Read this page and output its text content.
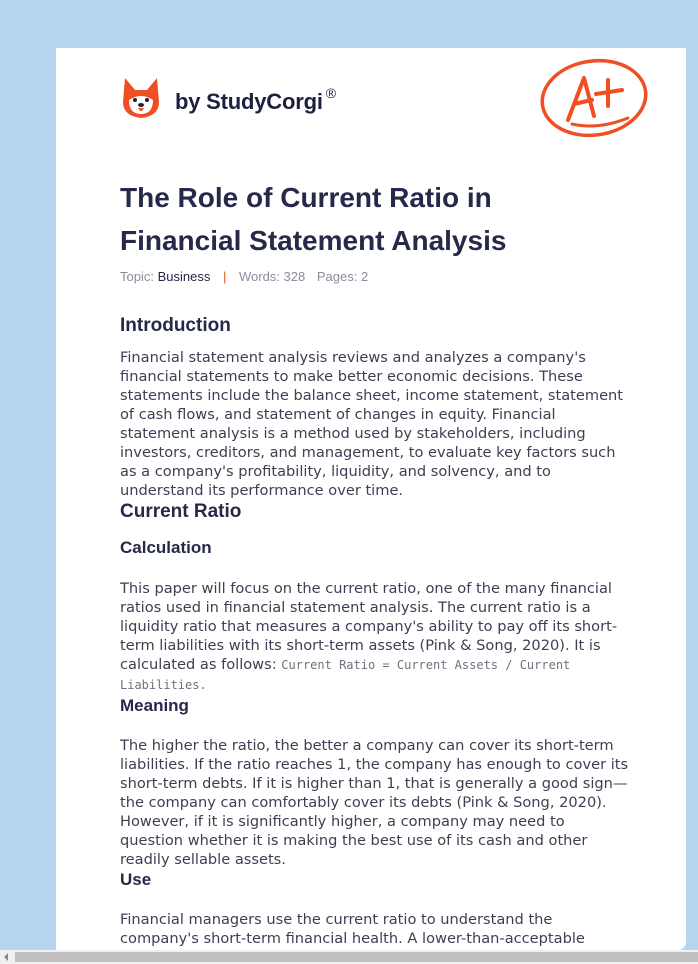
by StudyCorgi ®
The Role of Current Ratio in Financial Statement Analysis
Topic: Business | Words: 328 Pages: 2
Introduction

Financial statement analysis reviews and analyzes a company's financial statements to make better economic decisions. These statements include the balance sheet, income statement, statement of cash flows, and statement of changes in equity. Financial statement analysis is a method used by stakeholders, including investors, creditors, and management, to evaluate key factors such as a company's profitability, liquidity, and solvency, and to understand its performance over time.

Current Ratio
Calculation

This paper will focus on the current ratio, one of the many financial ratios used in financial statement analysis. The current ratio is a liquidity ratio that measures a company's ability to pay off its short-term liabilities with its short-term assets (Pink & Song, 2020). It is calculated as follows: Current Ratio = Current Assets / Current Liabilities.

Meaning

The higher the ratio, the better a company can cover its short-term liabilities. If the ratio reaches 1, the company has enough to cover its short-term debts. If it is higher than 1, that is generally a good sign—the company can comfortably cover its debts (Pink & Song, 2020). However, if it is significantly higher, a company may need to question whether it is making the best use of its cash and other readily sellable assets.

Use

Financial managers use the current ratio to understand the company's short-term financial health. A lower-than-acceptable
